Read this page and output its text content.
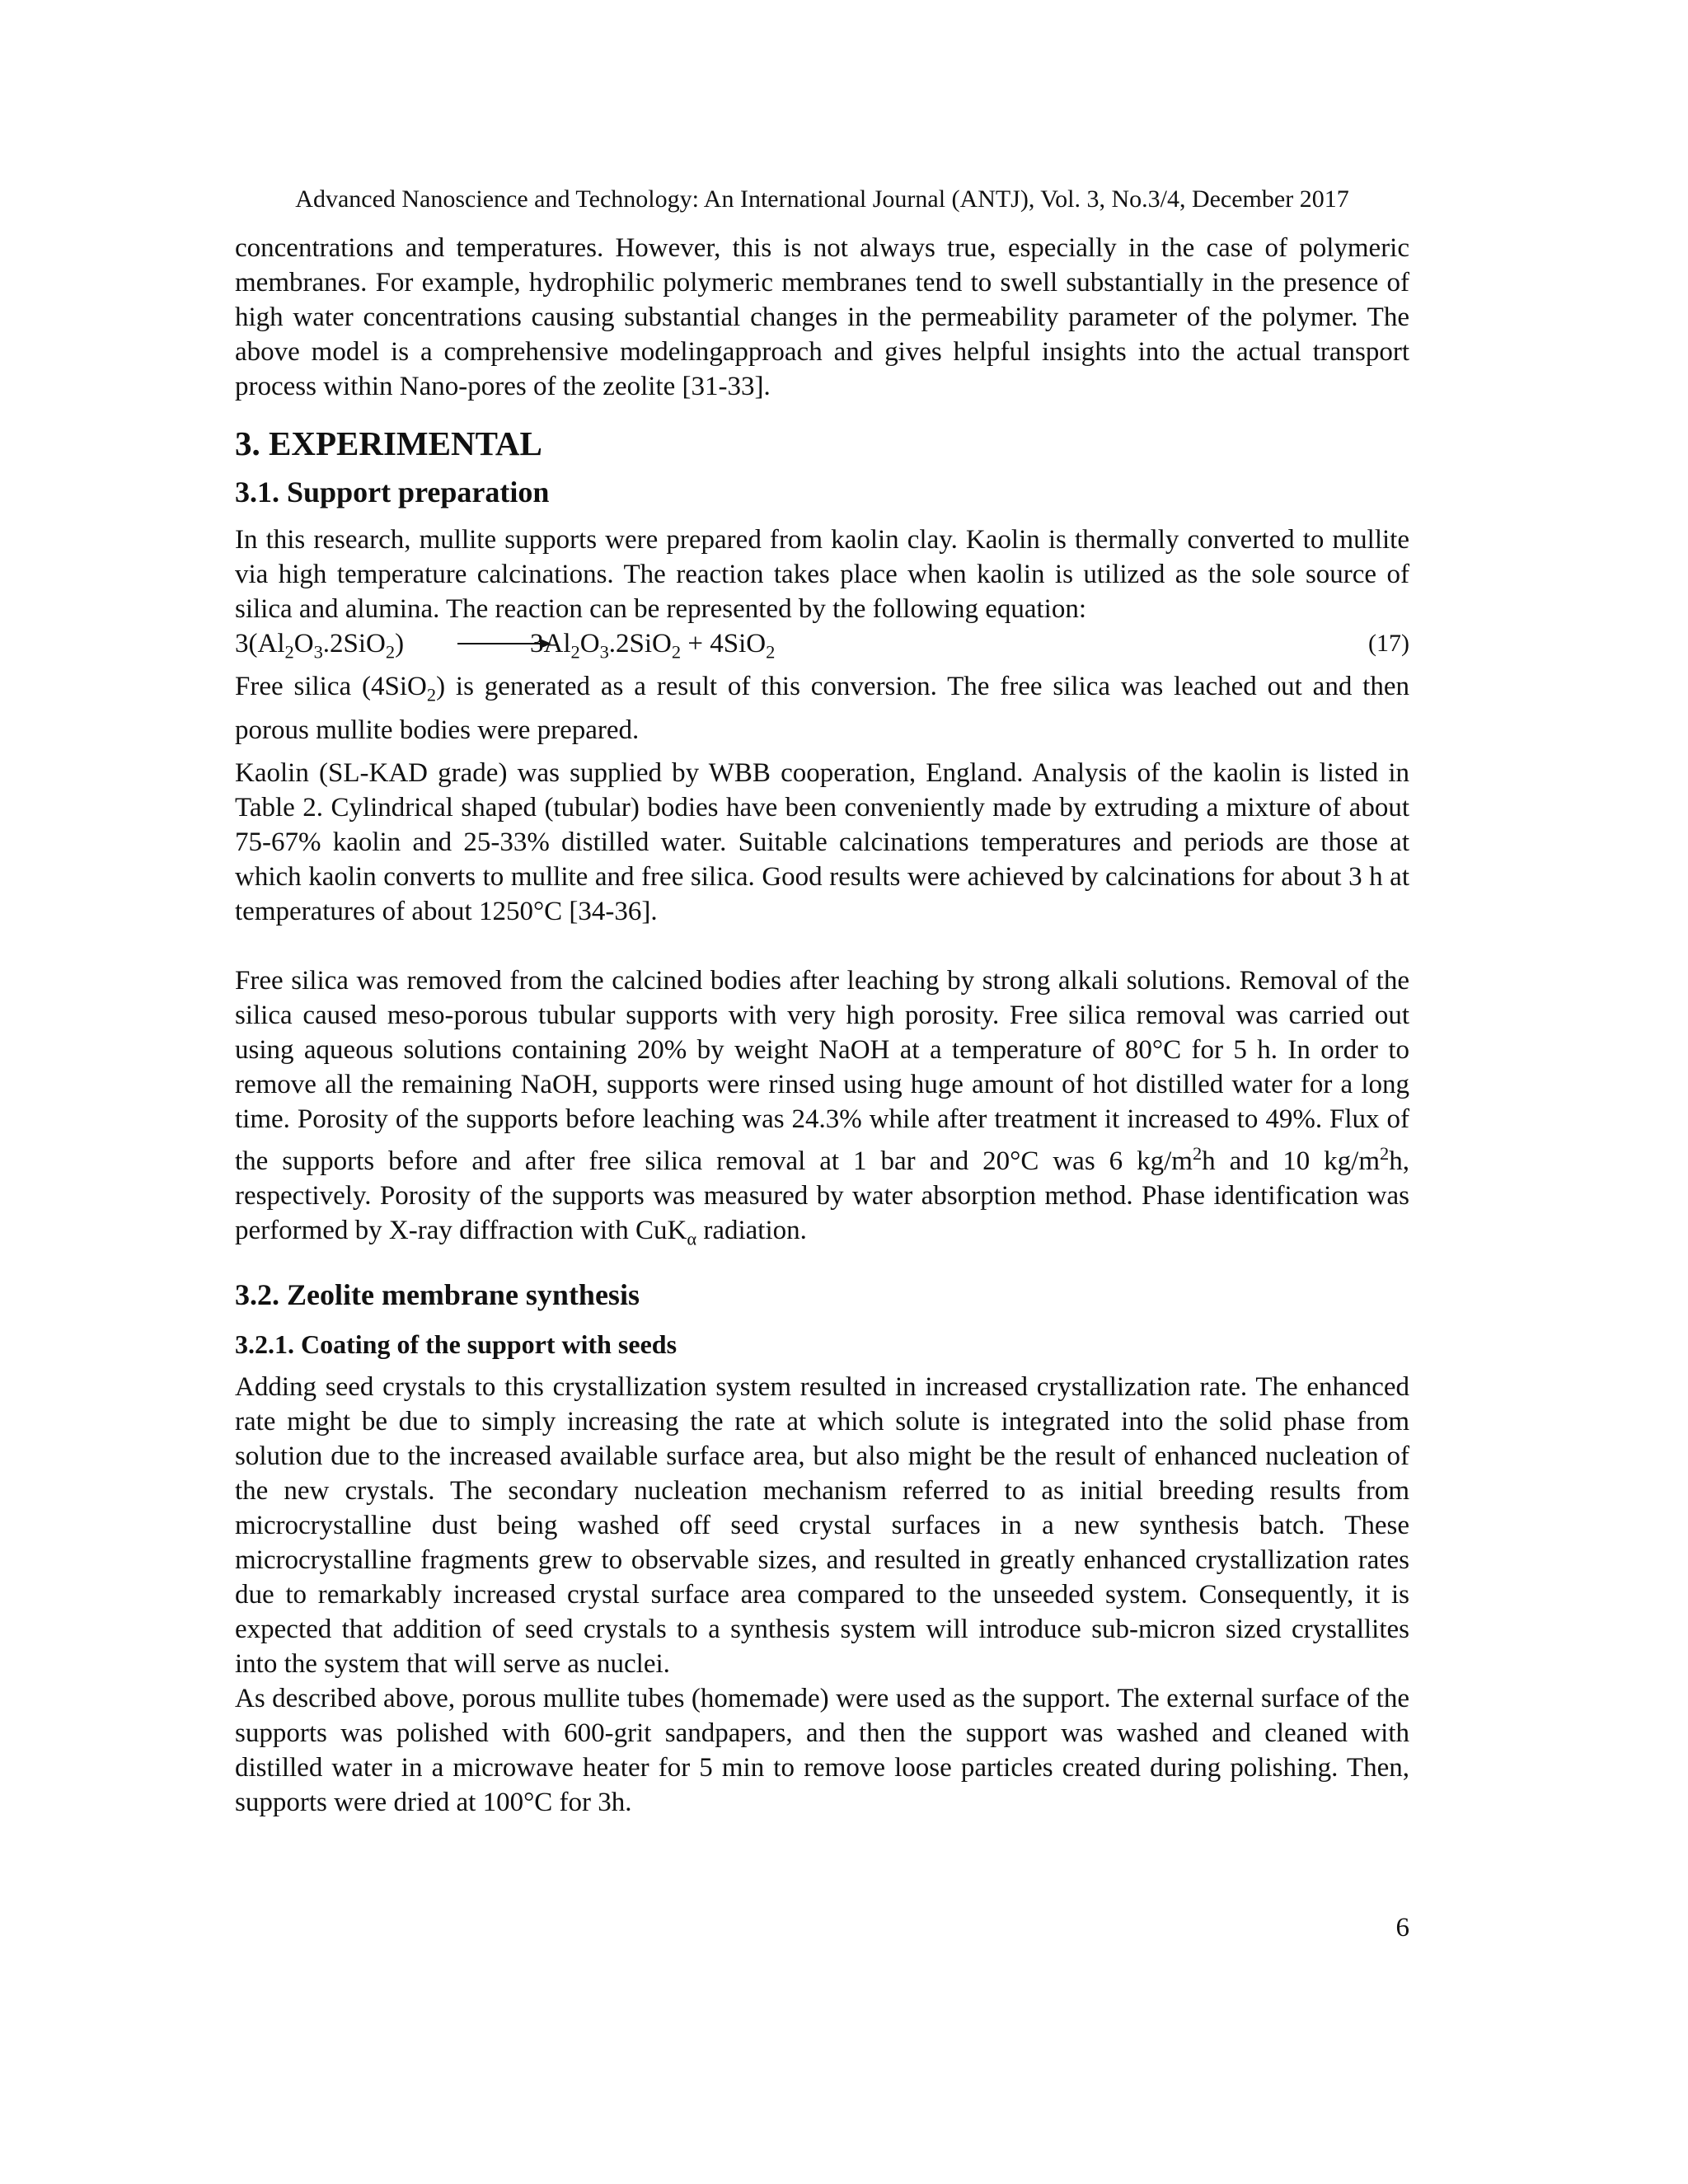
Advanced Nanoscience and Technology: An International Journal (ANTJ), Vol. 3, No.3/4, December 2017

concentrations and temperatures. However, this is not always true, especially in the case of polymeric membranes. For example, hydrophilic polymeric membranes tend to swell substantially in the presence of high water concentrations causing substantial changes in the permeability parameter of the polymer. The above model is a comprehensive modelingapproach and gives helpful insights into the actual transport process within Nano-pores of the zeolite [31-33].

3. EXPERIMENTAL
3.1. Support preparation

In this research, mullite supports were prepared from kaolin clay. Kaolin is thermally converted to mullite via high temperature calcinations. The reaction takes place when kaolin is utilized as the sole source of silica and alumina. The reaction can be represented by the following equation:

$3(Al_2O_3.2SiO_2)$	$3Al_2O_3.2SiO_2 + 4SiO_2$	(17)

Free silica (4SiO$_2$) is generated as a result of this conversion. The free silica was leached out and then porous mullite bodies were prepared.

Kaolin (SL-KAD grade) was supplied by WBB cooperation, England. Analysis of the kaolin is listed in Table 2. Cylindrical shaped (tubular) bodies have been conveniently made by extruding a mixture of about 75-67% kaolin and 25-33% distilled water. Suitable calcinations temperatures and periods are those at which kaolin converts to mullite and free silica. Good results were achieved by calcinations for about 3 h at temperatures of about 1250°C [34-36].

Free silica was removed from the calcined bodies after leaching by strong alkali solutions. Removal of the silica caused meso-porous tubular supports with very high porosity. Free silica removal was carried out using aqueous solutions containing 20% by weight NaOH at a temperature of 80°C for 5 h. In order to remove all the remaining NaOH, supports were rinsed using huge amount of hot distilled water for a long time. Porosity of the supports before leaching was 24.3% while after treatment it increased to 49%. Flux of the supports before and after free silica removal at 1 bar and 20°C was 6 $kg/m^2h$ and 10 $kg/m^2h$, respectively. Porosity of the supports was measured by water absorption method. Phase identification was performed by X-ray diffraction with CuK$_\alpha$ radiation.

3.2. Zeolite membrane synthesis
3.2.1. Coating of the support with seeds

Adding seed crystals to this crystallization system resulted in increased crystallization rate. The enhanced rate might be due to simply increasing the rate at which solute is integrated into the solid phase from solution due to the increased available surface area, but also might be the result of enhanced nucleation of the new crystals. The secondary nucleation mechanism referred to as initial breeding results from microcrystalline dust being washed off seed crystal surfaces in a new synthesis batch. These microcrystalline fragments grew to observable sizes, and resulted in greatly enhanced crystallization rates due to remarkably increased crystal surface area compared to the unseeded system. Consequently, it is expected that addition of seed crystals to a synthesis system will introduce sub-micron sized crystallites into the system that will serve as nuclei.

As described above, porous mullite tubes (homemade) were used as the support. The external surface of the supports was polished with 600-grit sandpapers, and then the support was washed and cleaned with distilled water in a microwave heater for 5 min to remove loose particles created during polishing. Then, supports were dried at 100°C for 3h.

6
